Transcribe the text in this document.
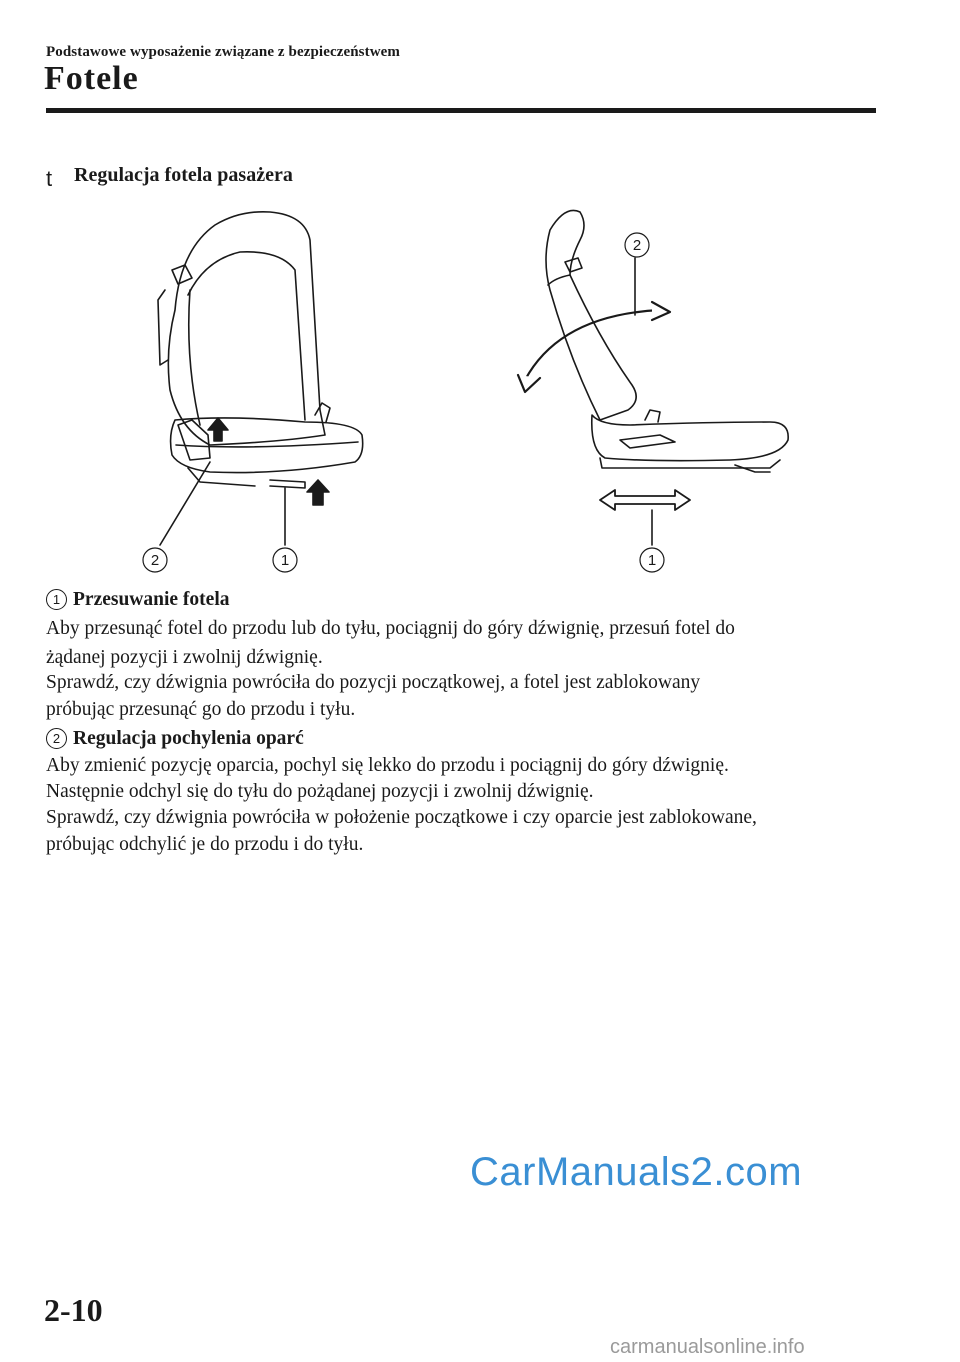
Podstawowe wyposażenie związane z bezpieczeństwem
Fotele
t Regulacja fotela pasażera
2	1
2
1
1 Przesuwanie fotela
Aby przesunąć fotel do przodu lub do tyłu, pociągnij do góry dźwignię, przesuń fotel do
żądanej pozycji i zwolnij dźwignię.
Sprawdź, czy dźwignia powróciła do pozycji początkowej, a fotel jest zablokowany
próbując przesunąć go do przodu i tyłu.
2 Regulacja pochylenia oparć
Aby zmienić pozycję oparcia, pochyl się lekko do przodu i pociągnij do góry dźwignię.
Następnie odchyl się do tyłu do pożądanej pozycji i zwolnij dźwignię.
Sprawdź, czy dźwignia powróciła w położenie początkowe i czy oparcie jest zablokowane,
próbując odchylić je do przodu i do tyłu.
CarManuals2.com
2-10
carmanualsonline.info
